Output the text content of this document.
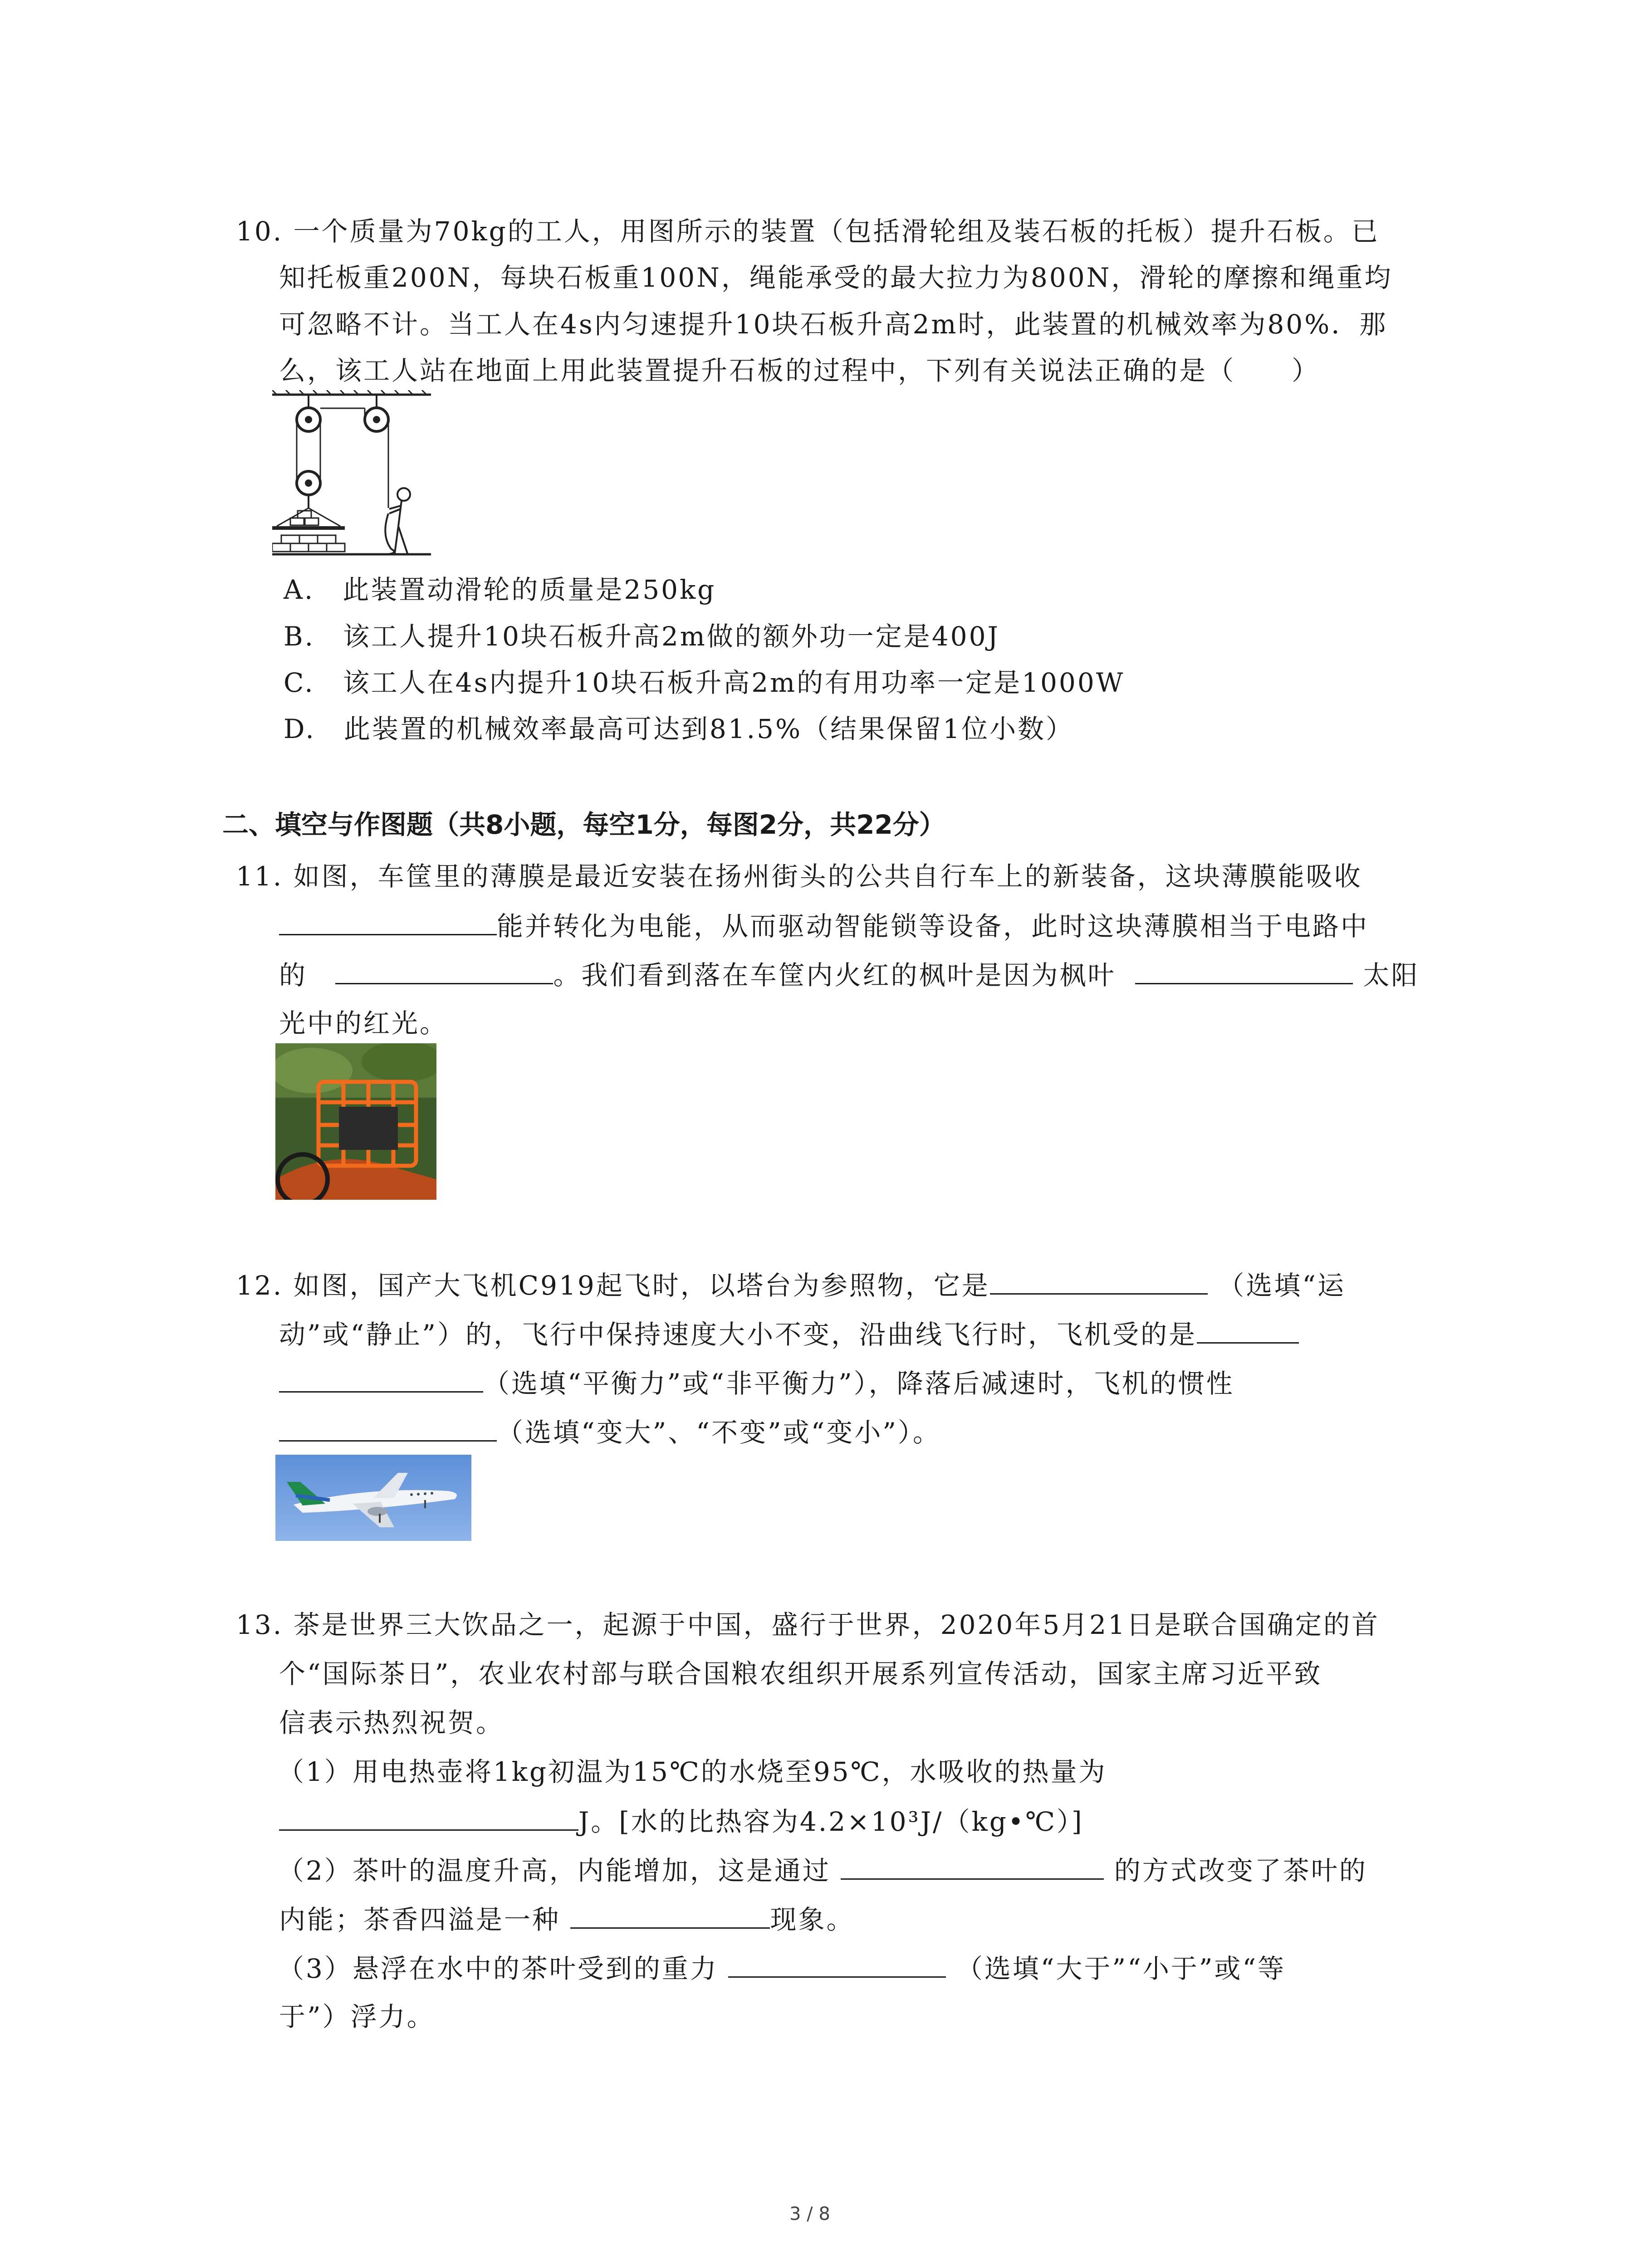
10. 一个质量为70kg的工人，用图所示的装置（包括滑轮组及装石板的托板）提升石板。已
知托板重200N，每块石板重100N，绳能承受的最大拉力为800N，滑轮的摩擦和绳重均
可忽略不计。当工人在4s内匀速提升10块石板升高2m时，此装置的机械效率为80%．那
么，该工人站在地面上用此装置提升石板的过程中，下列有关说法正确的是（　　）
A.　此装置动滑轮的质量是250kg
B.　该工人提升10块石板升高2m做的额外功一定是400J
C.　该工人在4s内提升10块石板升高2m的有用功率一定是1000W
D.　此装置的机械效率最高可达到81.5%（结果保留1位小数）
二、填空与作图题（共8小题，每空1分，每图2分，共22分）
11. 如图，车筐里的薄膜是最近安装在扬州街头的公共自行车上的新装备，这块薄膜能吸收
能并转化为电能，从而驱动智能锁等设备，此时这块薄膜相当于电路中
的	。我们看到落在车筐内火红的枫叶是因为枫叶	太阳
光中的红光。
12. 如图，国产大飞机C919起飞时，以塔台为参照物，它是	（选填“运
动”或“静止”）的，飞行中保持速度大小不变，沿曲线飞行时，飞机受的是
（选填“平衡力”或“非平衡力”），降落后减速时，飞机的惯性
（选填“变大”、“不变”或“变小”）。
13. 茶是世界三大饮品之一，起源于中国，盛行于世界，2020年5月21日是联合国确定的首
个“国际茶日”，农业农村部与联合国粮农组织开展系列宣传活动，国家主席习近平致
信表示热烈祝贺。
（1）用电热壶将1kg初温为15℃的水烧至95℃，水吸收的热量为
J。[水的比热容为4.2×10³J/（kg•℃）]
（2）茶叶的温度升高，内能增加，这是通过	的方式改变了茶叶的
内能；茶香四溢是一种	现象。
（3）悬浮在水中的茶叶受到的重力	（选填“大于”“小于”或“等
于”）浮力。
3 / 8
